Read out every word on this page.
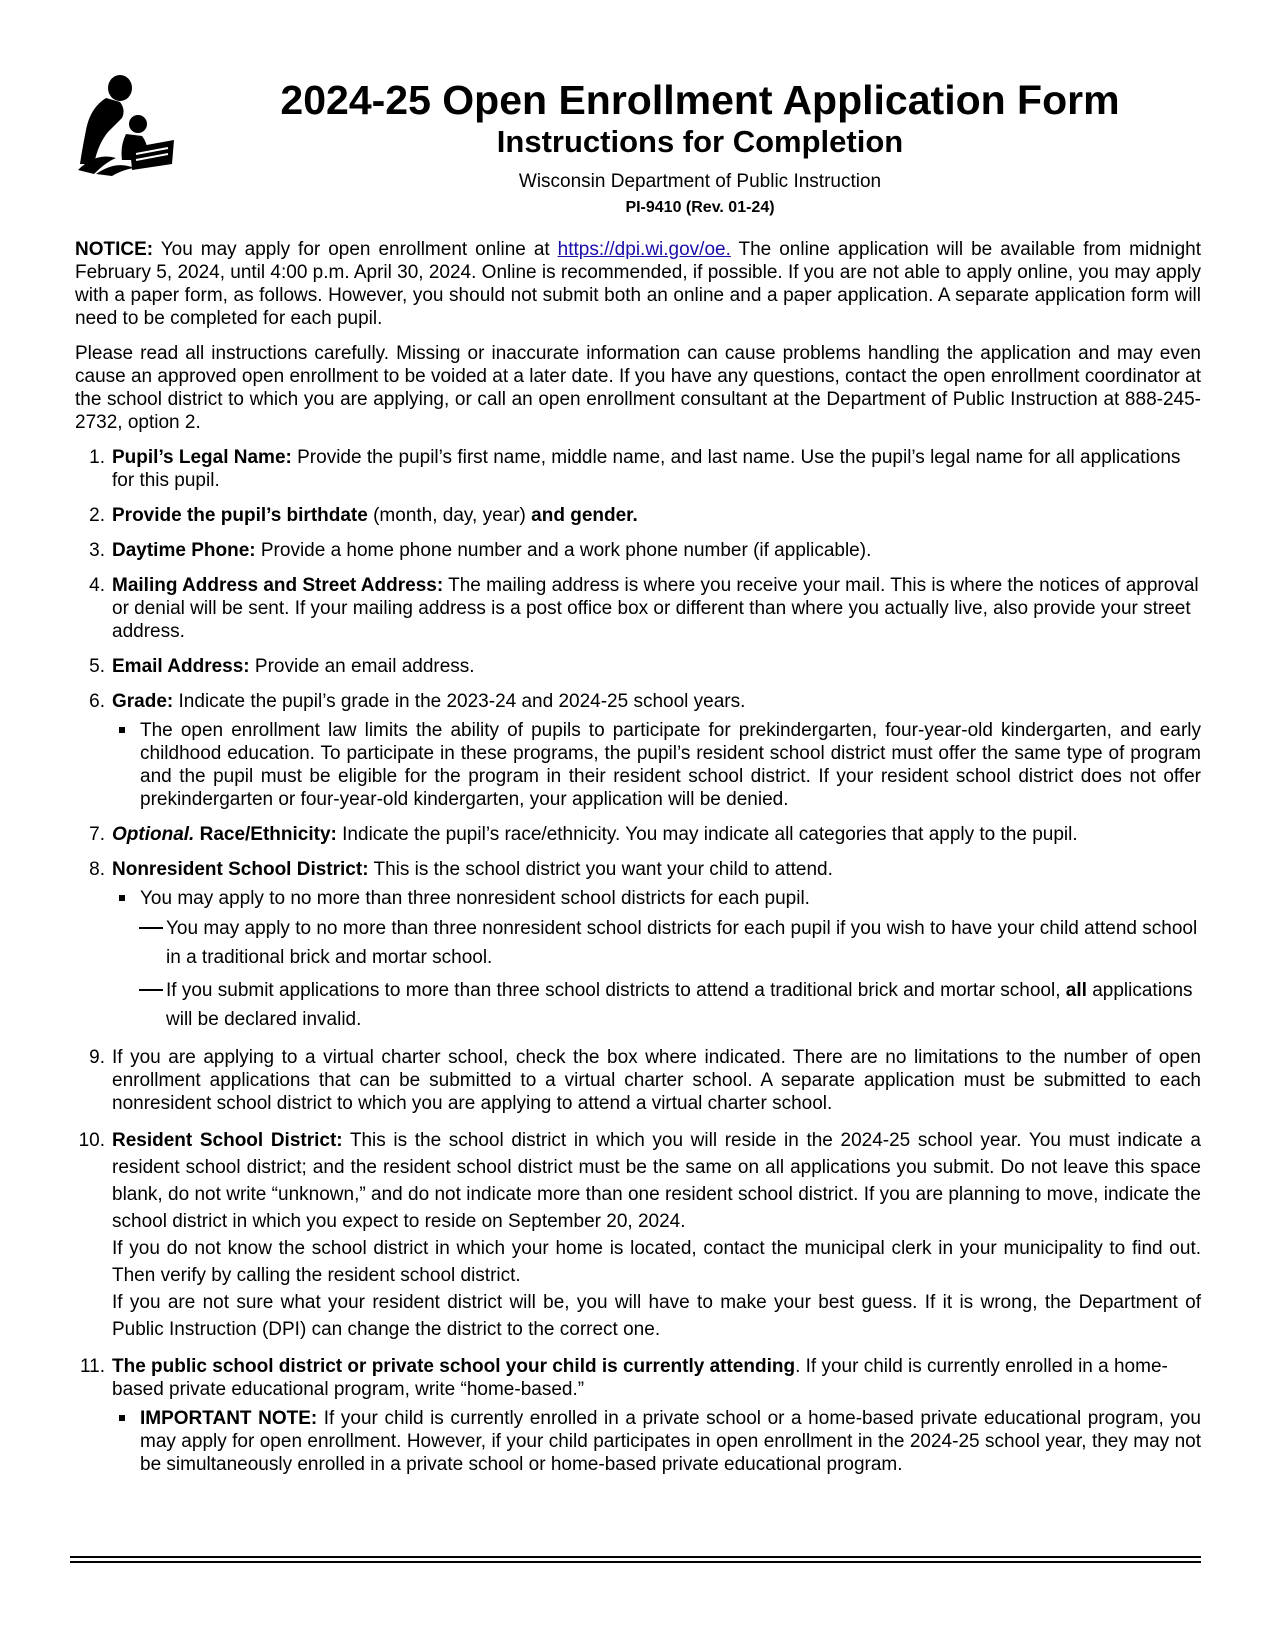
2024-25 Open Enrollment Application Form
Instructions for Completion
Wisconsin Department of Public Instruction
PI-9410 (Rev. 01-24)

NOTICE: You may apply for open enrollment online at https://dpi.wi.gov/oe. The online application will be available from midnight February 5, 2024, until 4:00 p.m. April 30, 2024. Online is recommended, if possible. If you are not able to apply online, you may apply with a paper form, as follows. However, you should not submit both an online and a paper application. A separate application form will need to be completed for each pupil.

Please read all instructions carefully. Missing or inaccurate information can cause problems handling the application and may even cause an approved open enrollment to be voided at a later date. If you have any questions, contact the open enrollment coordinator at the school district to which you are applying, or call an open enrollment consultant at the Department of Public Instruction at 888-245-2732, option 2.

1. Pupil’s Legal Name: Provide the pupil’s first name, middle name, and last name. Use the pupil’s legal name for all applications for this pupil.
2. Provide the pupil’s birthdate (month, day, year) and gender.
3. Daytime Phone: Provide a home phone number and a work phone number (if applicable).
4. Mailing Address and Street Address: The mailing address is where you receive your mail. This is where the notices of approval or denial will be sent. If your mailing address is a post office box or different than where you actually live, also provide your street address.
5. Email Address: Provide an email address.
6. Grade: Indicate the pupil’s grade in the 2023-24 and 2024-25 school years.
The open enrollment law limits the ability of pupils to participate for prekindergarten, four-year-old kindergarten, and early childhood education. To participate in these programs, the pupil’s resident school district must offer the same type of program and the pupil must be eligible for the program in their resident school district. If your resident school district does not offer prekindergarten or four-year-old kindergarten, your application will be denied.
7. Optional. Race/Ethnicity: Indicate the pupil’s race/ethnicity. You may indicate all categories that apply to the pupil.
8. Nonresident School District: This is the school district you want your child to attend.
You may apply to no more than three nonresident school districts for each pupil.
You may apply to no more than three nonresident school districts for each pupil if you wish to have your child attend school in a traditional brick and mortar school.
If you submit applications to more than three school districts to attend a traditional brick and mortar school, all applications will be declared invalid.
9. If you are applying to a virtual charter school, check the box where indicated. There are no limitations to the number of open enrollment applications that can be submitted to a virtual charter school. A separate application must be submitted to each nonresident school district to which you are applying to attend a virtual charter school.
10. Resident School District: This is the school district in which you will reside in the 2024-25 school year. You must indicate a resident school district; and the resident school district must be the same on all applications you submit. Do not leave this space blank, do not write “unknown,” and do not indicate more than one resident school district. If you are planning to move, indicate the school district in which you expect to reside on September 20, 2024.
If you do not know the school district in which your home is located, contact the municipal clerk in your municipality to find out. Then verify by calling the resident school district.
If you are not sure what your resident district will be, you will have to make your best guess. If it is wrong, the Department of Public Instruction (DPI) can change the district to the correct one.
11. The public school district or private school your child is currently attending. If your child is currently enrolled in a home-based private educational program, write “home-based.”
IMPORTANT NOTE: If your child is currently enrolled in a private school or a home-based private educational program, you may apply for open enrollment. However, if your child participates in open enrollment in the 2024-25 school year, they may not be simultaneously enrolled in a private school or home-based private educational program.
